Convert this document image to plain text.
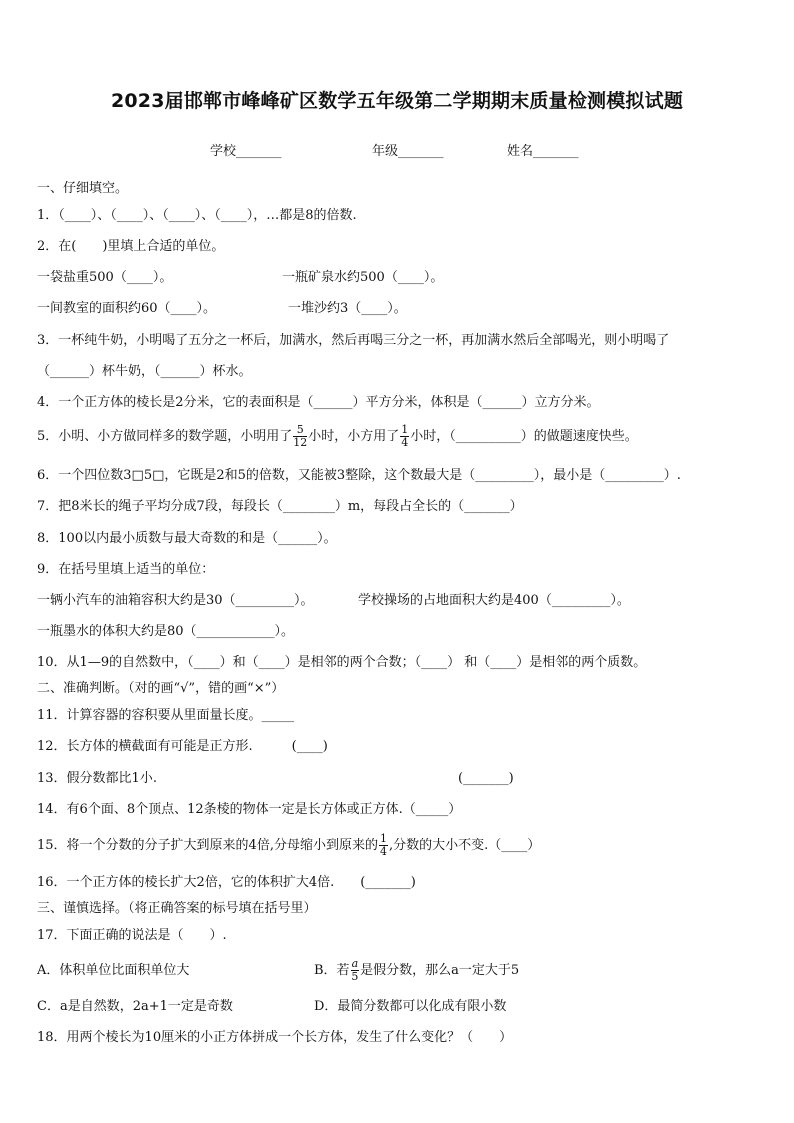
2023届邯郸市峰峰矿区数学五年级第二学期期末质量检测模拟试题
学校_______	年级_______	姓名_______
一、仔细填空。
1．（____）、（____）、（____）、（____），…都是8的倍数.
2．在(　　)里填上合适的单位。
一袋盐重500（____）。	一瓶矿泉水约500（____）。
一间教室的面积约60（____）。	一堆沙约3（____）。
3．一杯纯牛奶，小明喝了五分之一杯后，加满水，然后再喝三分之一杯，再加满水然后全部喝光，则小明喝了
（______）杯牛奶，（______）杯水。
4．一个正方体的棱长是2分米，它的表面积是（______）平方分米，体积是（______）立方分米。
5．小明、小方做同样多的数学题，小明用了 $\frac{5}{12}$ 小时，小方用了 $\frac{1}{4}$ 小时，（__________）的做题速度快些。
6．一个四位数3□5□，它既是2和5的倍数，又能被3整除，这个数最大是（_________），最小是（_________）.
7．把8米长的绳子平均分成7段，每段长（________）m，每段占全长的（_______）
8．100以内最小质数与最大奇数的和是（______）。
9．在括号里填上适当的单位：
一辆小汽车的油箱容积大约是30（_________）。	学校操场的占地面积大约是400（_________）。
一瓶墨水的体积大约是80（____________）。
10．从1—9的自然数中，（____）和（____）是相邻的两个合数；（____） 和（____）是相邻的两个质数。
二、准确判断。（对的画“√”，错的画“×”）
11．计算容器的容积要从里面量长度。_____
12．长方体的横截面有可能是正方形.　　　(____)
13．假分数都比1小.	(_______)
14．有6个面、8个顶点、12条棱的物体一定是长方体或正方体.（_____）
15．将一个分数的分子扩大到原来的4倍,分母缩小到原来的 $\frac{1}{4}$ ,分数的大小不变.（____）
16．一个正方体的棱长扩大2倍，它的体积扩大4倍.　　(_______)
三、谨慎选择。（将正确答案的标号填在括号里）
17．下面正确的说法是（　　）.
A．体积单位比面积单位大	B．若 $\frac{a}{5}$ 是假分数，那么a一定大于5
C．a是自然数，2a+1一定是奇数	D．最简分数都可以化成有限小数
18．用两个棱长为10厘米的小正方体拼成一个长方体，发生了什么变化？（　　）
